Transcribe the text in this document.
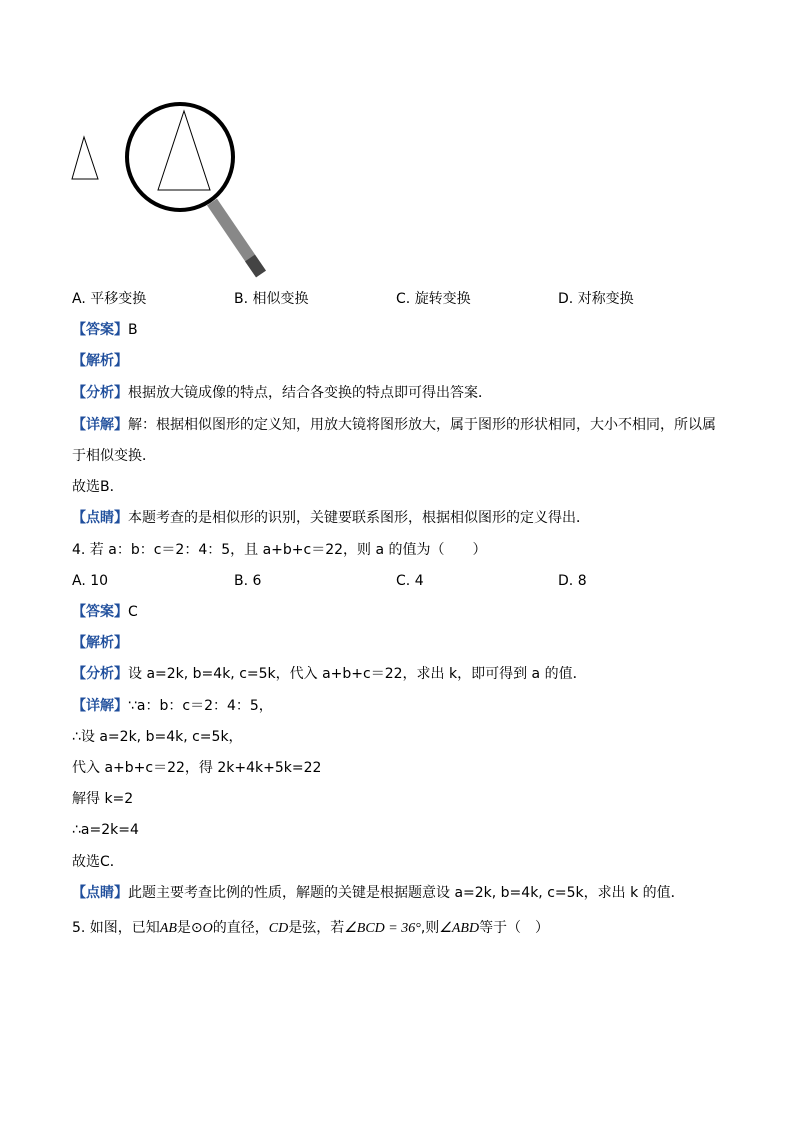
A. 平移变换	B. 相似变换	C. 旋转变换	D. 对称变换
【答案】B
【解析】
【分析】根据放大镜成像的特点，结合各变换的特点即可得出答案．
【详解】解：根据相似图形的定义知，用放大镜将图形放大，属于图形的形状相同，大小不相同，所以属
于相似变换．
故选B．
【点睛】本题考查的是相似形的识别，关键要联系图形，根据相似图形的定义得出．
4. 若 a：b：c＝2：4：5，且 a+b+c＝22，则 a 的值为（　　）
A. 10	B. 6	C. 4	D. 8
【答案】C
【解析】
【分析】设 a=2k, b=4k, c=5k，代入 a+b+c＝22，求出 k，即可得到 a 的值．
【详解】∵a：b：c＝2：4：5，
∴设 a=2k, b=4k, c=5k，
代入 a+b+c＝22，得 2k+4k+5k=22
解得 k=2
∴a=2k=4
故选C．
【点睛】此题主要考查比例的性质，解题的关键是根据题意设 a=2k, b=4k, c=5k，求出 k 的值．
5. 如图，已知AB是⊙O的直径，CD是弦，若∠BCD = 36°,则∠ABD等于（　）
